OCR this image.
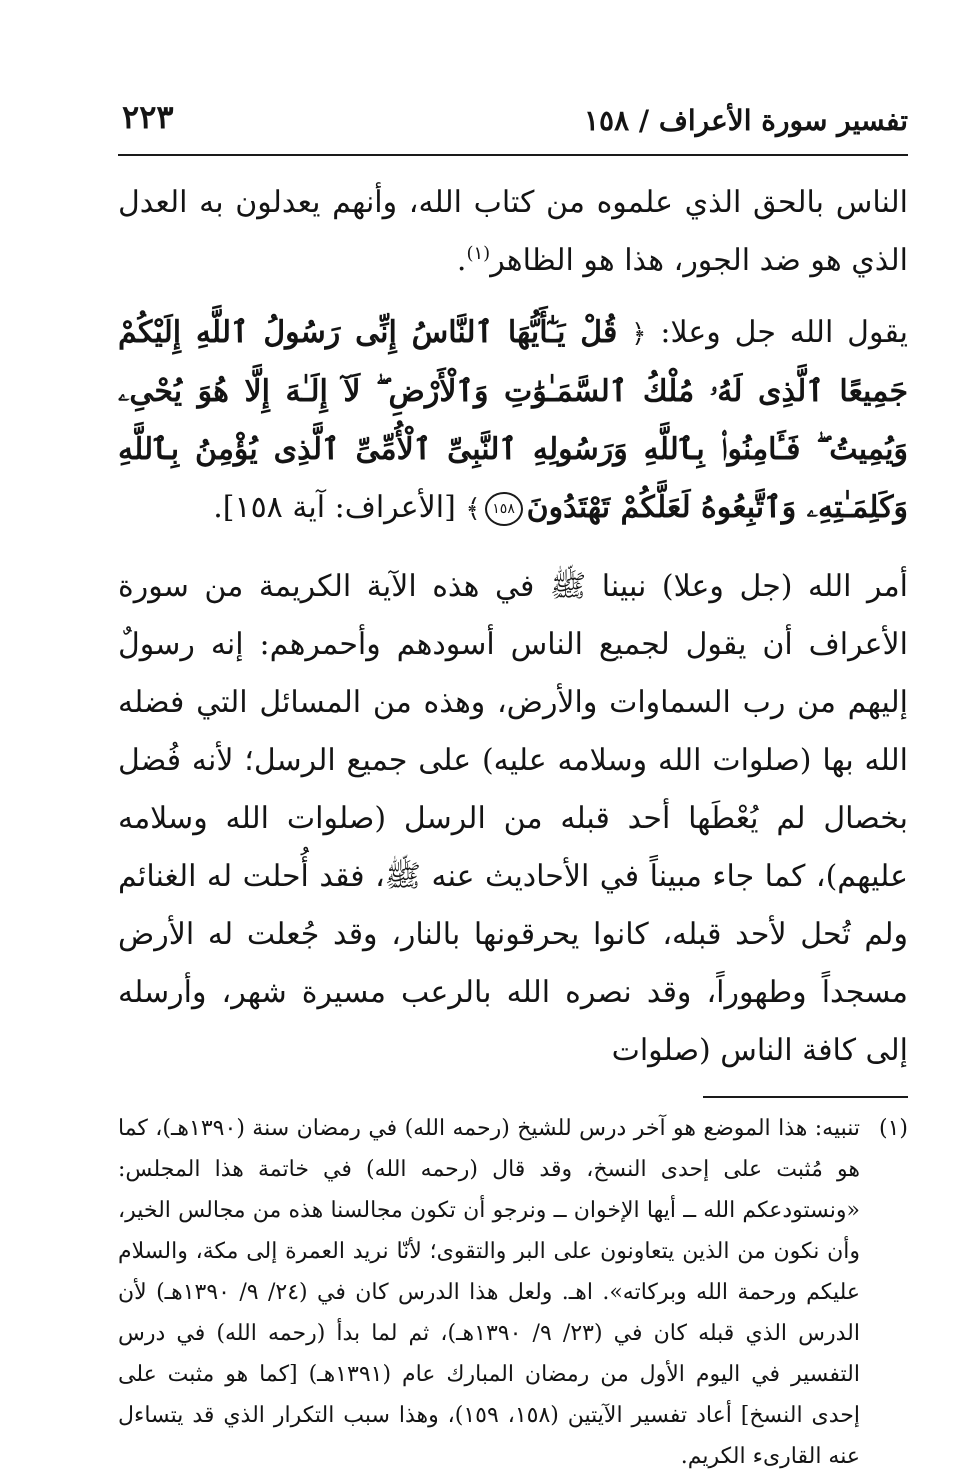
تفسير سورة الأعراف / ١٥٨
٢٢٣

الناس بالحق الذي علموه من كتاب الله، وأنهم يعدلون به العدل الذي هو ضد الجور، هذا هو الظاهر$^{(١)}$.

يقول الله جل وعلا: ﴿ قُلْ يَـٰٓأَيُّهَا ٱلنَّاسُ إِنِّى رَسُولُ ٱللَّهِ إِلَيْكُمْ جَمِيعًا ٱلَّذِى لَهُۥ مُلْكُ ٱلسَّمَـٰوَٰتِ وَٱلْأَرْضِ ۖ لَآ إِلَـٰهَ إِلَّا هُوَ يُحْىِۦ وَيُمِيتُ ۖ فَـَٔامِنُوا۟ بِٱللَّهِ وَرَسُولِهِ ٱلنَّبِىِّ ٱلْأُمِّىِّ ٱلَّذِى يُؤْمِنُ بِٱللَّهِ وَكَلِمَـٰتِهِۦ وَٱتَّبِعُوهُ لَعَلَّكُمْ تَهْتَدُونَ١٥٨﴾ [الأعراف: آية ١٥٨].

أمر الله (جل وعلا) نبينا ﷺ في هذه الآية الكريمة من سورة الأعراف أن يقول لجميع الناس أسودهم وأحمرهم: إنه رسولٌ إليهم من رب السماوات والأرض، وهذه من المسائل التي فضله الله بها (صلوات الله وسلامه عليه) على جميع الرسل؛ لأنه فُضل بخصال لم يُعْطَها أحد قبله من الرسل (صلوات الله وسلامه عليهم)، كما جاء مبيناً في الأحاديث عنه ﷺ، فقد أُحلت له الغنائم ولم تُحل لأحد قبله، كانوا يحرقونها بالنار، وقد جُعلت له الأرض مسجداً وطهوراً، وقد نصره الله بالرعب مسيرة شهر، وأرسله إلى كافة الناس (صلوات

(١)
تنبيه: هذا الموضع هو آخر درس للشيخ (رحمه الله) في رمضان سنة (١٣٩٠هـ)، كما هو مُثبت على إحدى النسخ، وقد قال (رحمه الله) في خاتمة هذا المجلس: «ونستودعكم الله ــ أيها الإخوان ــ ونرجو أن تكون مجالسنا هذه من مجالس الخير، وأن نكون من الذين يتعاونون على البر والتقوى؛ لأنّا نريد العمرة إلى مكة، والسلام عليكم ورحمة الله وبركاته». اهـ. ولعل هذا الدرس كان في (٢٤/ ٩/ ١٣٩٠هـ) لأن الدرس الذي قبله كان في (٢٣/ ٩/ ١٣٩٠هـ)، ثم لما بدأ (رحمه الله) في درس التفسير في اليوم الأول من رمضان المبارك عام (١٣٩١هـ) [كما هو مثبت على إحدى النسخ] أعاد تفسير الآيتين (١٥٨، ١٥٩)، وهذا سبب التكرار الذي قد يتساءل عنه القارىء الكريم.
